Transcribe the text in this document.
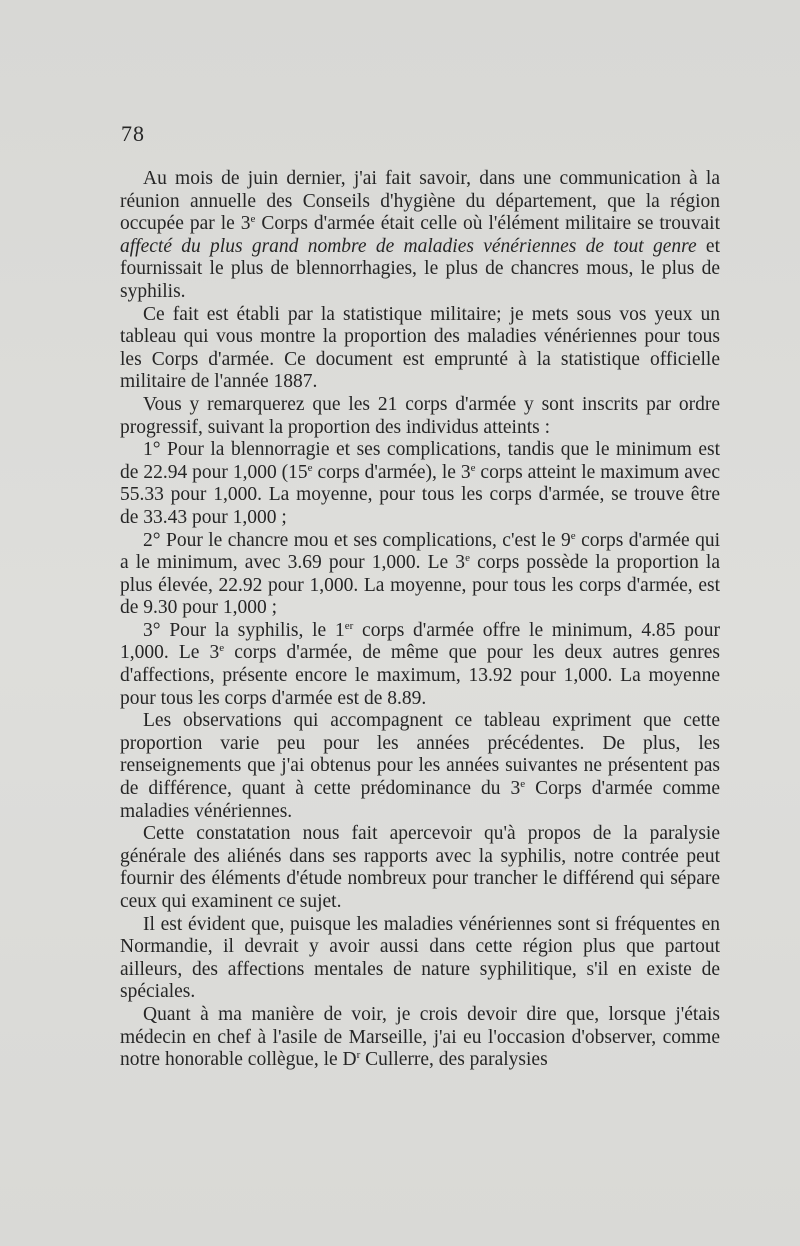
78

Au mois de juin dernier, j'ai fait savoir, dans une communication à la réunion annuelle des Conseils d'hygiène du département, que la région occupée par le 3e Corps d'armée était celle où l'élément militaire se trouvait affecté du plus grand nombre de maladies vénériennes de tout genre et fournissait le plus de blennorrhagies, le plus de chancres mous, le plus de syphilis.

Ce fait est établi par la statistique militaire; je mets sous vos yeux un tableau qui vous montre la proportion des maladies vénériennes pour tous les Corps d'armée. Ce document est emprunté à la statistique officielle militaire de l'année 1887.

Vous y remarquerez que les 21 corps d'armée y sont inscrits par ordre progressif, suivant la proportion des individus atteints :

1° Pour la blennorragie et ses complications, tandis que le minimum est de 22.94 pour 1,000 (15e corps d'armée), le 3e corps atteint le maximum avec 55.33 pour 1,000. La moyenne, pour tous les corps d'armée, se trouve être de 33.43 pour 1,000 ;

2° Pour le chancre mou et ses complications, c'est le 9e corps d'armée qui a le minimum, avec 3.69 pour 1,000. Le 3e corps possède la proportion la plus élevée, 22.92 pour 1,000. La moyenne, pour tous les corps d'armée, est de 9.30 pour 1,000 ;

3° Pour la syphilis, le 1er corps d'armée offre le minimum, 4.85 pour 1,000. Le 3e corps d'armée, de même que pour les deux autres genres d'affections, présente encore le maximum, 13.92 pour 1,000. La moyenne pour tous les corps d'armée est de 8.89.

Les observations qui accompagnent ce tableau expriment que cette proportion varie peu pour les années précédentes. De plus, les renseignements que j'ai obtenus pour les années suivantes ne présentent pas de différence, quant à cette prédominance du 3e Corps d'armée comme maladies vénériennes.

Cette constatation nous fait apercevoir qu'à propos de la paralysie générale des aliénés dans ses rapports avec la syphilis, notre contrée peut fournir des éléments d'étude nombreux pour trancher le différend qui sépare ceux qui examinent ce sujet.

Il est évident que, puisque les maladies vénériennes sont si fréquentes en Normandie, il devrait y avoir aussi dans cette région plus que partout ailleurs, des affections mentales de nature syphilitique, s'il en existe de spéciales.

Quant à ma manière de voir, je crois devoir dire que, lorsque j'étais médecin en chef à l'asile de Marseille, j'ai eu l'occasion d'observer, comme notre honorable collègue, le $D^r$ Cullerre, des paralysies
